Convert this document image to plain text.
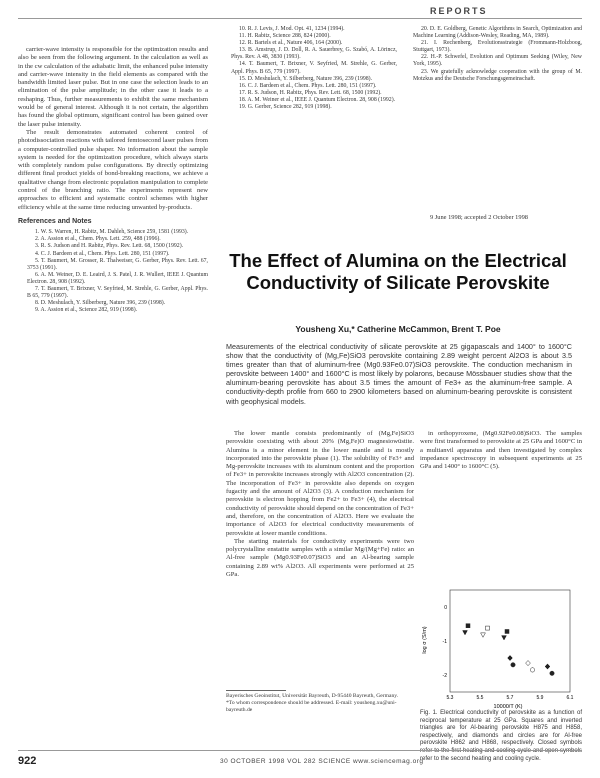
REPORTS

carrier-wave intensity is responsible for the optimization results and also be seen from the following argument. In the calculation as well as in the cw calculation of the adiabatic limit, the enhanced pulse intensity and carrier-wave intensity in the field elements as compared with the bandwidth limited laser pulse. But in one case the selection leads to an elimination of the pulse amplitude; in the other case it leads to a reshaping. Thus, further measurements to exhibit the same mechanism would be of general interest. Although it is not certain, the algorithm has found the global optimum, significant control has been gained over the laser pulse intensity.

The result demonstrates automated coherent control of photodissociation reactions with tailored femtosecond laser pulses from a computer-controlled pulse shaper. No information about the sample system is needed for the optimization procedure, which always starts with completely random pulse configurations. By directly optimizing different final product yields of bond-breaking reactions, we achieve a qualitative change from electronic population manipulation to complete control of the branching ratio. The experiments represent new approaches to efficient and systematic control schemes with higher efficiency while at the same time reducing unwanted by-products.

References and Notes

1. W. S. Warren, H. Rabitz, M. Dahleh, Science 259, 1581 (1993).

2. A. Assion et al., Chem. Phys. Lett. 259, 488 (1996).

3. R. S. Judson and H. Rabitz, Phys. Rev. Lett. 68, 1500 (1992).

4. C. J. Bardeen et al., Chem. Phys. Lett. 280, 151 (1997).

5. T. Baumert, M. Grosser, R. Thalweiser, G. Gerber, Phys. Rev. Lett. 67, 3753 (1991).

6. A. M. Weiner, D. E. Leaird, J. S. Patel, J. R. Wullert, IEEE J. Quantum Electron. 28, 908 (1992).

7. T. Baumert, T. Brixner, V. Seyfried, M. Strehle, G. Gerber, Appl. Phys. B 65, 779 (1997).

8. D. Meshulach, Y. Silberberg, Nature 396, 239 (1998).

9. A. Assion et al., Science 282, 919 (1998).

10. R. J. Levis, J. Mod. Opt. 41, 1234 (1994).

11. H. Rabitz, Science 288, 824 (2000).

12. R. Bartels et al., Nature 406, 164 (2000).

13. B. Amstrup, J. D. Doll, R. A. Sauerbrey, G. Szabó, A. Lörincz, Phys. Rev. A 48, 3830 (1993).

14. T. Baumert, T. Brixner, V. Seyfried, M. Strehle, G. Gerber, Appl. Phys. B 65, 779 (1997).

15. D. Meshulach, Y. Silberberg, Nature 396, 239 (1998).

16. C. J. Bardeen et al., Chem. Phys. Lett. 280, 151 (1997).

17. R. S. Judson, H. Rabitz, Phys. Rev. Lett. 68, 1500 (1992).

18. A. M. Weiner et al., IEEE J. Quantum Electron. 28, 908 (1992).

19. G. Gerber, Science 282, 919 (1998).

20. D. E. Goldberg, Genetic Algorithms in Search, Optimization and Machine Learning (Addison-Wesley, Reading, MA, 1989).

21. I. Rechenberg, Evolutionsstrategie (Frommann-Holzboog, Stuttgart, 1973).

22. H.-P. Schwefel, Evolution and Optimum Seeking (Wiley, New York, 1995).

23. We gratefully acknowledge cooperation with the group of M. Motzkus and the Deutsche Forschungsgemeinschaft.

9 June 1998; accepted 2 October 1998
The Effect of Alumina on the Electrical Conductivity of Silicate Perovskite
Yousheng Xu,* Catherine McCammon, Brent T. Poe
Measurements of the electrical conductivity of silicate perovskite at 25 gigapascals and 1400° to 1600°C show that the conductivity of (Mg,Fe)SiO3 perovskite containing 2.89 weight percent Al2O3 is about 3.5 times greater than that of aluminum-free (Mg0.93Fe0.07)SiO3 perovskite. The conduction mechanism in perovskite between 1400° and 1600°C is most likely by polarons, because Mössbauer studies show that the aluminum-bearing perovskite has about 3.5 times the amount of Fe3+ as the aluminum-free sample. A conductivity-depth profile from 660 to 2900 kilometers based on aluminum-bearing perovskite is consistent with geophysical models.

The lower mantle consists predominantly of (Mg,Fe)SiO3 perovskite coexisting with about 20% (Mg,Fe)O magnesiowüstite. Alumina is a minor element in the lower mantle and is mostly incorporated into the perovskite phase (1). The solubility of Fe3+ and Mg-perovskite increases with its aluminum content and the proportion of Fe3+ in perovskite increases strongly with Al2O3 concentration (2). The incorporation of Fe3+ in perovskite also depends on oxygen fugacity and the amount of Al2O3 (3). A conduction mechanism for perovskite is electron hopping from Fe2+ to Fe3+ (4), the electrical conductivity of perovskite should depend on the concentration of Fe3+ and, therefore, on the concentration of Al2O3. Here we evaluate the importance of Al2O3 for electrical conductivity measurements of perovskite at lower mantle conditions.

The starting materials for conductivity experiments were two polycrystalline enstatite samples with a similar Mg/(Mg+Fe) ratio: an Al-free sample (Mg0.93Fe0.07)SiO3 and an Al-bearing sample containing 2.89 wt% Al2O3. All experiments were performed at 25 GPa.

in orthopyroxene, (Mg0.92Fe0.08)SiO3. The samples were first transformed to perovskite at 25 GPa and 1600°C in a multianvil apparatus and then investigated by complex impedance spectroscopy in subsequent experiments at 25 GPa and 1400° to 1600°C (5).

Bayerisches Geoinstitut, Universität Bayreuth, D-95440 Bayreuth, Germany.
*To whom correspondence should be addressed. E-mail: yousheng.xu@uni-bayreuth.de
5.3	5.5	5.7	5.9	6.1
0
-1
-2
log σ (S/m)
10000/T (K)
Fig. 1. Electrical conductivity of perovskite as a function of reciprocal temperature at 25 GPa. Squares and inverted triangles are for Al-bearing perovskite H875 and H858, respectively, and diamonds and circles are for Al-free perovskite H862 and H868, respectively. Closed symbols refer to the first heating and cooling cycle and open symbols refer to the second heating and cooling cycle.
922	30 OCTOBER 1998 VOL 282 SCIENCE www.sciencemag.org
